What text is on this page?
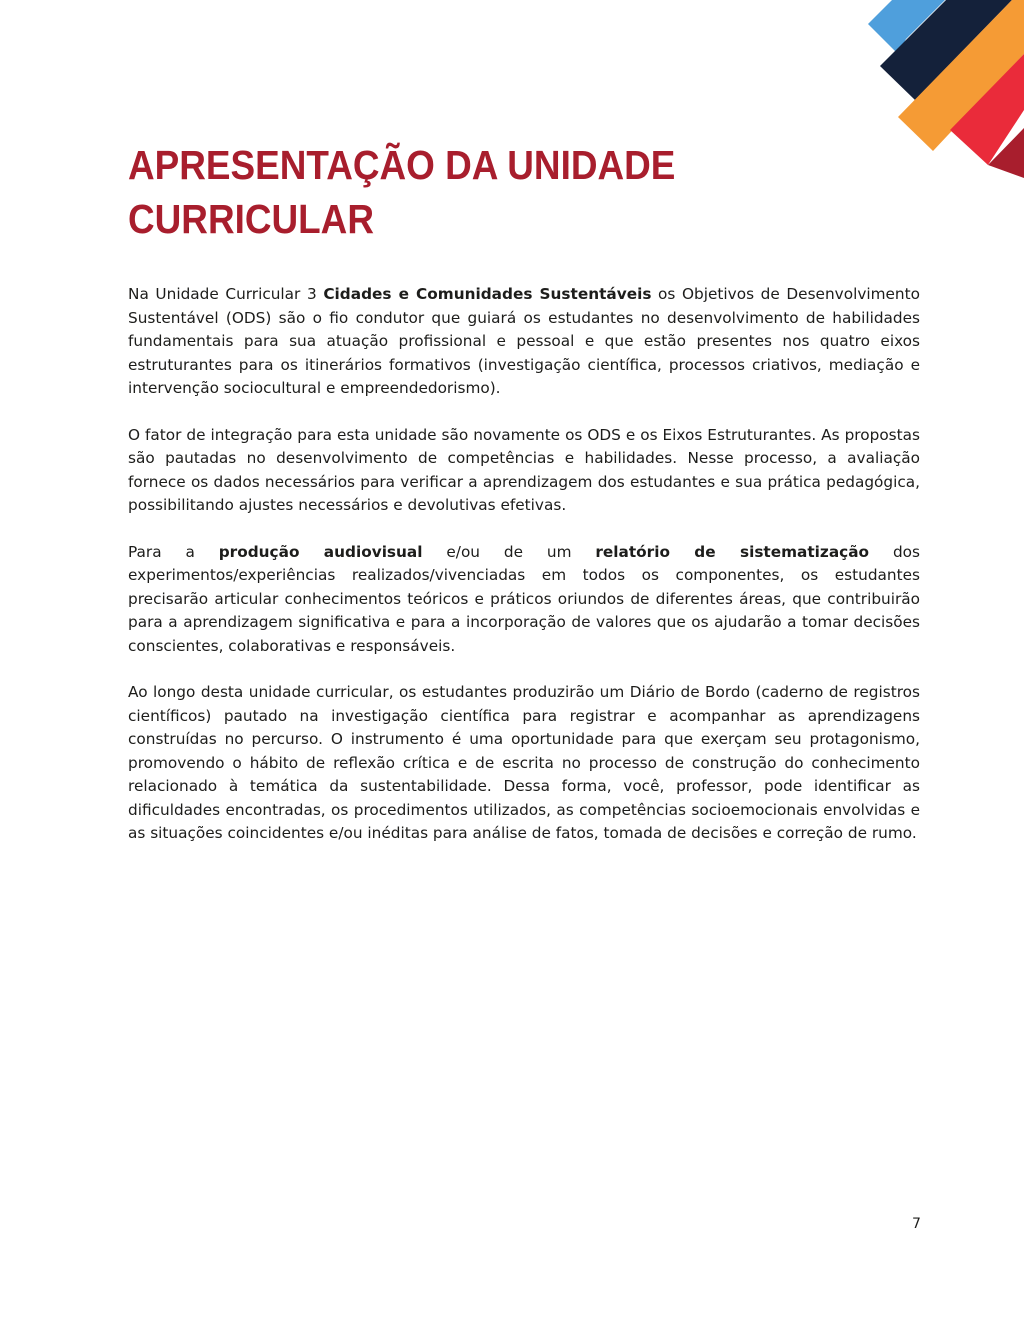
APRESENTAÇÃO DA UNIDADE
CURRICULAR

Na Unidade Curricular 3 Cidades e Comunidades Sustentáveis os Objetivos de Desenvolvimento Sustentável (ODS) são o fio condutor que guiará os estudantes no desenvolvimento de habilidades fundamentais para sua atuação profissional e pessoal e que estão presentes nos quatro eixos estruturantes para os itinerários formativos (investigação científica, processos criativos, mediação e intervenção sociocultural e empreendedorismo).

O fator de integração para esta unidade são novamente os ODS e os Eixos Estruturantes. As propostas são pautadas no desenvolvimento de competências e habilidades. Nesse processo, a avaliação fornece os dados necessários para verificar a aprendizagem dos estudantes e sua prática pedagógica, possibilitando ajustes necessários e devolutivas efetivas.

Para a produção audiovisual e/ou de um relatório de sistematização dos experimentos/experiências realizados/vivenciadas em todos os componentes, os estudantes precisarão articular conhecimentos teóricos e práticos oriundos de diferentes áreas, que contribuirão para a aprendizagem significativa e para a incorporação de valores que os ajudarão a tomar decisões conscientes, colaborativas e responsáveis.

Ao longo desta unidade curricular, os estudantes produzirão um Diário de Bordo (caderno de registros científicos) pautado na investigação científica para registrar e acompanhar as aprendizagens construídas no percurso. O instrumento é uma oportunidade para que exerçam seu protagonismo, promovendo o hábito de reflexão crítica e de escrita no processo de construção do conhecimento relacionado à temática da sustentabilidade. Dessa forma, você, professor, pode identificar as dificuldades encontradas, os procedimentos utilizados, as competências socioemocionais envolvidas e as situações coincidentes e/ou inéditas para análise de fatos, tomada de decisões e correção de rumo.

7
